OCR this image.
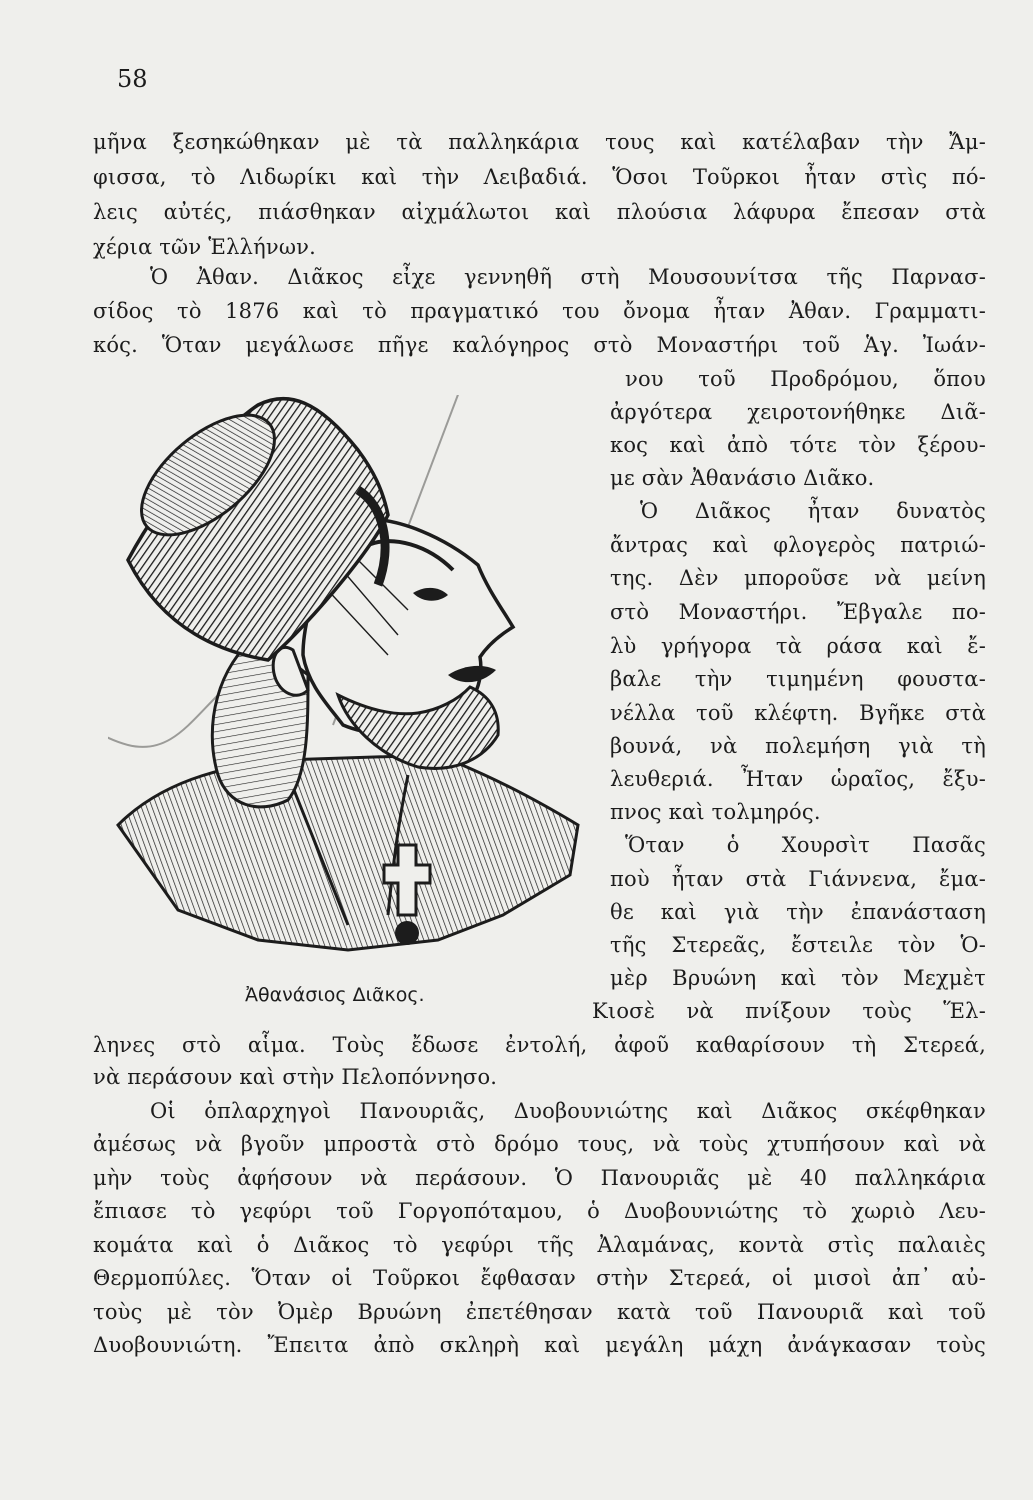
58
μῆνα ξεσηκώθηκαν μὲ τὰ παλληκάρια τους καὶ κατέλαβαν τὴν Ἄμ-
φισσα, τὸ Λιδωρίκι καὶ τὴν Λειβαδιά. Ὅσοι Τοῦρκοι ἦταν στὶς πό-
λεις αὐτές, πιάσθηκαν αἰχμάλωτοι καὶ πλούσια λάφυρα ἔπεσαν στὰ
χέρια τῶν Ἑλλήνων.
Ὁ Ἀθαν. Διᾶκος εἶχε γεννηθῆ στὴ Μουσουνίτσα τῆς Παρνασ-
σίδος τὸ 1876 καὶ τὸ πραγματικό του ὄνομα ἦταν Ἀθαν. Γραμματι-
κός. Ὅταν μεγάλωσε πῆγε καλόγηρος στὸ Μοναστήρι τοῦ Ἁγ. Ἰωάν-
νου τοῦ Προδρόμου, ὅπου
ἀργότερα χειροτονήθηκε Διᾶ-
κος καὶ ἀπὸ τότε τὸν ξέρου-
με σὰν Ἀθανάσιο Διᾶκο.
Ὁ Διᾶκος ἦταν δυνατὸς
ἄντρας καὶ φλογερὸς πατριώ-
της. Δὲν μποροῦσε νὰ μείνη
στὸ Μοναστήρι. Ἔβγαλε πο-
λὺ γρήγορα τὰ ράσα καὶ ἔ-
βαλε τὴν τιμημένη φουστα-
νέλλα τοῦ κλέφτη. Βγῆκε στὰ
βουνά, νὰ πολεμήση γιὰ τὴ
λευθεριά. Ἦταν ὡραῖος, ἔξυ-
πνος καὶ τολμηρός.
Ὅταν ὁ Χουρσὶτ Πασᾶς
ποὺ ἦταν στὰ Γιάννενα, ἔμα-
θε καὶ γιὰ τὴν ἐπανάσταση
τῆς Στερεᾶς, ἔστειλε τὸν Ὁ-
μὲρ Βρυώνη καὶ τὸν Μεχμὲτ
Κιοσὲ νὰ πνίξουν τοὺς Ἕλ-
Ἀθανάσιος Διᾶκος.
ληνες στὸ αἷμα. Τοὺς ἔδωσε ἐντολή, ἀφοῦ καθαρίσουν τὴ Στερεά,
νὰ περάσουν καὶ στὴν Πελοπόννησο.
Οἱ ὁπλαρχηγοὶ Πανουριᾶς, Δυοβουνιώτης καὶ Διᾶκος σκέφθηκαν
ἀμέσως νὰ βγοῦν μπροστὰ στὸ δρόμο τους, νὰ τοὺς χτυπήσουν καὶ νὰ
μὴν τοὺς ἀφήσουν νὰ περάσουν. Ὁ Πανουριᾶς μὲ 40 παλληκάρια
ἔπιασε τὸ γεφύρι τοῦ Γοργοπόταμου, ὁ Δυοβουνιώτης τὸ χωριὸ Λευ-
κομάτα καὶ ὁ Διᾶκος τὸ γεφύρι τῆς Ἀλαμάνας, κοντὰ στὶς παλαιὲς
Θερμοπύλες. Ὅταν οἱ Τοῦρκοι ἔφθασαν στὴν Στερεά, οἱ μισοὶ ἀπ᾽ αὐ-
τοὺς μὲ τὸν Ὀμὲρ Βρυώνη ἐπετέθησαν κατὰ τοῦ Πανουριᾶ καὶ τοῦ
Δυοβουνιώτη. Ἔπειτα ἀπὸ σκληρὴ καὶ μεγάλη μάχη ἀνάγκασαν τοὺς
